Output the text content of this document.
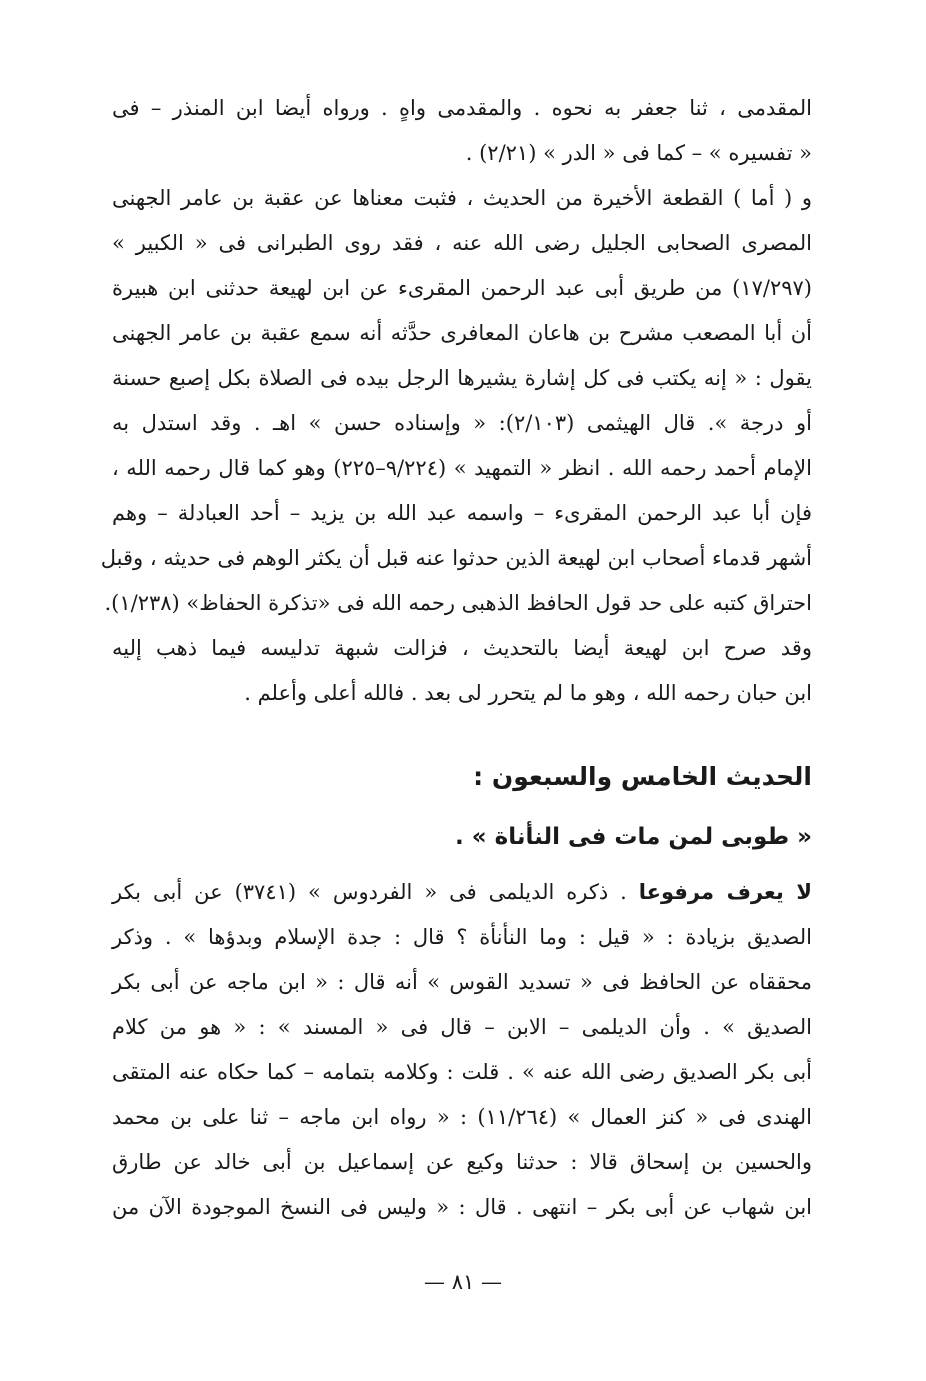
المقدمى ، ثنا جعفر به نحوه . والمقدمى واهٍ . ورواه أيضا ابن المنذر – فى
« تفسيره » – كما فى « الدر » (٢/٢١) .
و ( أما ) القطعة الأخيرة من الحديث ، فثبت معناها عن عقبة بن عامر الجهنى
المصرى الصحابى الجليل رضى الله عنه ، فقد روى الطبرانى فى « الكبير »
(١٧/٢٩٧) من طريق أبى عبد الرحمن المقرىء عن ابن لهيعة حدثنى ابن هبيرة
أن أبا المصعب مشرح بن هاعان المعافرى حدَّثه أنه سمع عقبة بن عامر الجهنى
يقول : « إنه يكتب فى كل إشارة يشيرها الرجل بيده فى الصلاة بكل إصبع حسنة
أو درجة ». قال الهيثمى (٢/١٠٣): « وإسناده حسن » اهـ . وقد استدل به
الإمام أحمد رحمه الله . انظر « التمهيد » (٩/٢٢٤–٢٢٥) وهو كما قال رحمه الله ،
فإن أبا عبد الرحمن المقرىء – واسمه عبد الله بن يزيد – أحد العبادلة – وهم
أشهر قدماء أصحاب ابن لهيعة الذين حدثوا عنه قبل أن يكثر الوهم فى حديثه ، وقبل
احتراق كتبه على حد قول الحافظ الذهبى رحمه الله فى «تذكرة الحفاظ» (١/٢٣٨).
وقد صرح ابن لهيعة أيضا بالتحديث ، فزالت شبهة تدليسه فيما ذهب إليه
ابن حبان رحمه الله ، وهو ما لم يتحرر لى بعد . فالله أعلى وأعلم .
الحديث الخامس والسبعون :
« طوبى لمن مات فى النأناة » .
لا يعرف مرفوعا . ذكره الديلمى فى « الفردوس » (٣٧٤١) عن أبى بكر
الصديق بزيادة : « قيل : وما النأنأة ؟ قال : جدة الإسلام وبدؤها » . وذكر
محققاه عن الحافظ فى « تسديد القوس » أنه قال : « ابن ماجه عن أبى بكر
الصديق » . وأن الديلمى – الابن – قال فى « المسند » : « هو من كلام
أبى بكر الصديق رضى الله عنه » . قلت : وكلامه بتمامه – كما حكاه عنه المتقى
الهندى فى « كنز العمال » (١١/٢٦٤) : « رواه ابن ماجه – ثنا على بن محمد
والحسين بن إسحاق قالا : حدثنا وكيع عن إسماعيل بن أبى خالد عن طارق
ابن شهاب عن أبى بكر – انتهى . قال : « وليس فى النسخ الموجودة الآن من
— ٨١ —
